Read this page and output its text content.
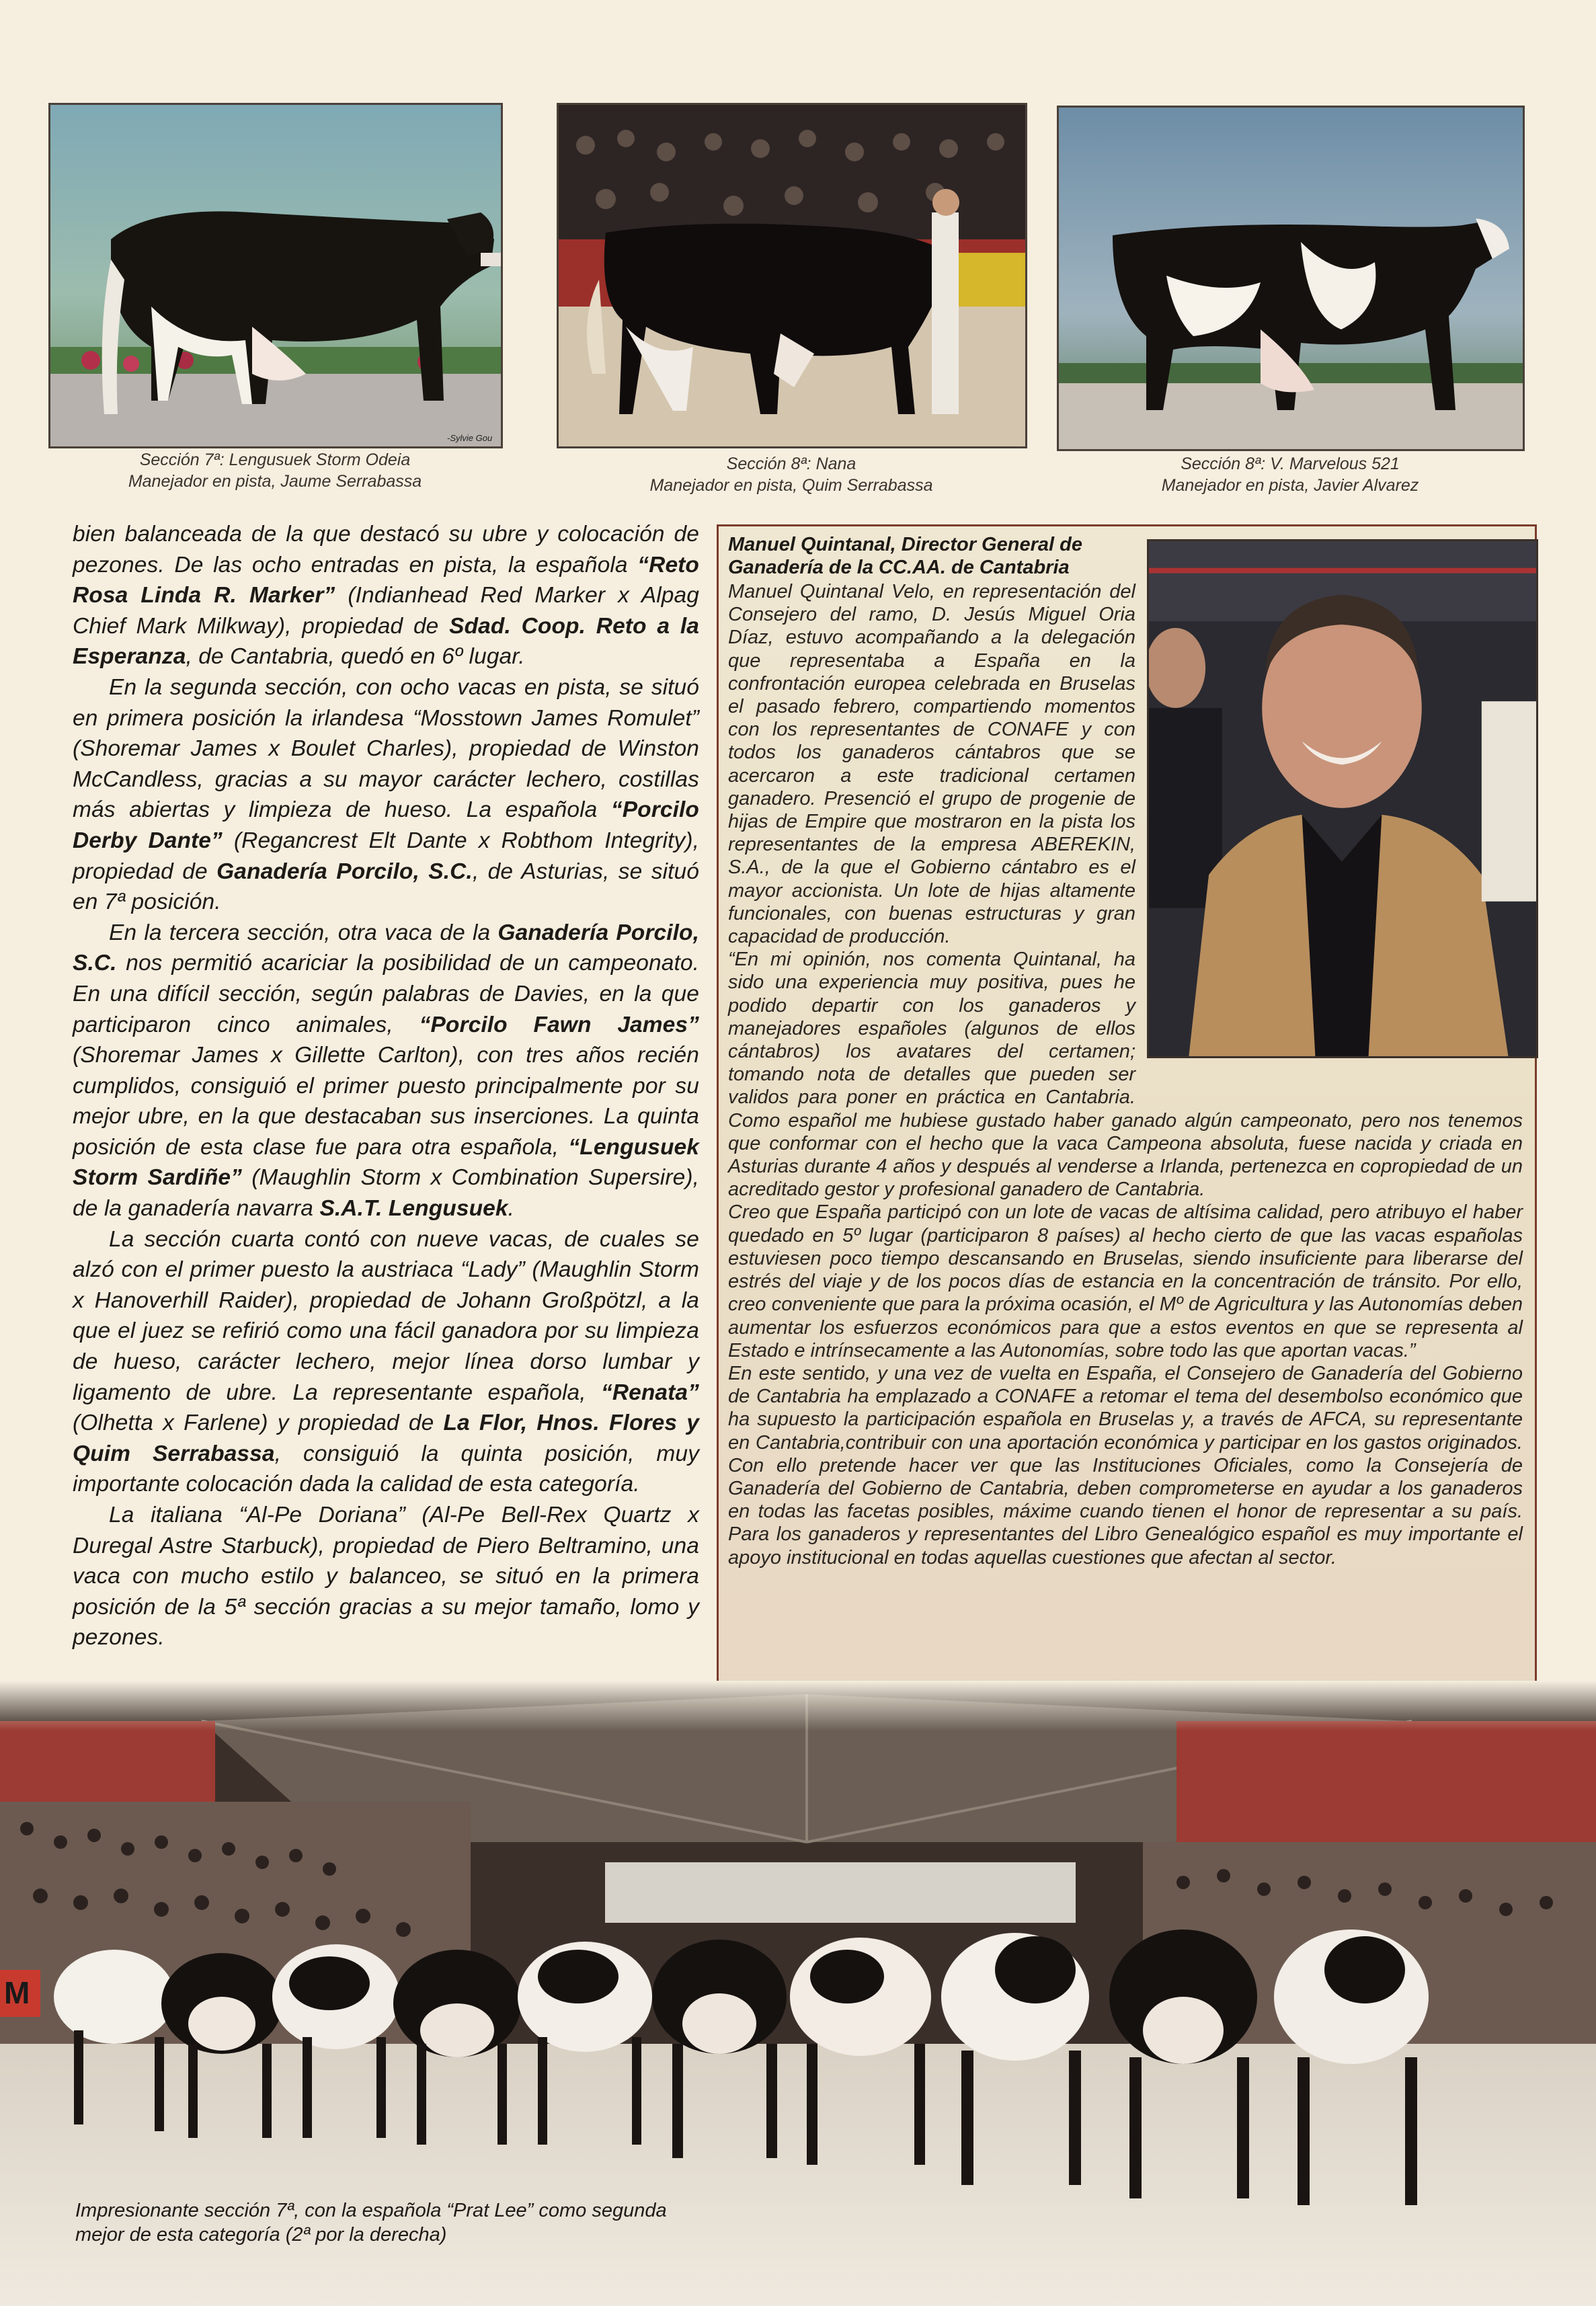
-Sylvie Gou
Sección 7ª: Lengusuek Storm Odeia
Manejador en pista, Jaume Serrabassa
Sección 8ª: Nana
Manejador en pista, Quim Serrabassa
Sección 8ª: V. Marvelous 521
Manejador en pista, Javier Alvarez

bien balanceada de la que destacó su ubre y colocación de pezones. De las ocho entradas en pista, la española “Reto Rosa Linda R. Marker” (Indianhead Red Marker x Alpag Chief Mark Milkway), propiedad de Sdad. Coop. Reto a la Esperanza, de Cantabria, quedó en 6º lugar.

En la segunda sección, con ocho vacas en pista, se situó en primera posición la irlandesa “Mosstown James Romulet” (Shoremar James x Boulet Charles), propiedad de Winston McCandless, gracias a su mayor carácter lechero, costillas más abiertas y limpieza de hueso. La española “Porcilo Derby Dante” (Regancrest Elt Dante x Robthom Integrity), propiedad de Ganadería Porcilo, S.C., de Asturias, se situó en 7ª posición.

En la tercera sección, otra vaca de la Ganadería Porcilo, S.C. nos permitió acariciar la posibilidad de un campeonato. En una difícil sección, según palabras de Davies, en la que participaron cinco animales, “Porcilo Fawn James” (Shoremar James x Gillette Carlton), con tres años recién cumplidos, consiguió el primer puesto principalmente por su mejor ubre, en la que destacaban sus inserciones. La quinta posición de esta clase fue para otra española, “Lengusuek Storm Sardiñe” (Maughlin Storm x Combination Supersire), de la ganadería navarra S.A.T. Lengusuek.

La sección cuarta contó con nueve vacas, de cuales se alzó con el primer puesto la austriaca “Lady” (Maughlin Storm x Hanoverhill Raider), propiedad de Johann Großpötzl, a la que el juez se refirió como una fácil ganadora por su limpieza de hueso, carácter lechero, mejor línea dorso lumbar y ligamento de ubre. La representante española, “Renata” (Olhetta x Farlene) y propiedad de La Flor, Hnos. Flores y Quim Serrabassa, consiguió la quinta posición, muy importante colocación dada la calidad de esta categoría.

La italiana “Al-Pe Doriana” (Al-Pe Bell-Rex Quartz x Duregal Astre Starbuck), propiedad de Piero Beltramino, una vaca con mucho estilo y balanceo, se situó en la primera posición de la 5ª sección gracias a su mejor tamaño, lomo y pezones.

Manuel Quintanal, Director General de Ganadería de la CC.AA. de Cantabria

Manuel Quintanal Velo, en representación del Consejero del ramo, D. Jesús Miguel Oria Díaz, estuvo acompañando a la delegación que representaba a España en la confrontación europea celebrada en Bruselas el pasado febrero, compartiendo momentos con los representantes de CONAFE y con todos los ganaderos cántabros que se acercaron a este tradicional certamen ganadero. Presenció el grupo de progenie de hijas de Empire que mostraron en la pista los representantes de la empresa ABEREKIN, S.A., de la que el Gobierno cántabro es el mayor accionista. Un lote de hijas altamente funcionales, con buenas estructuras y gran capacidad de producción.

“En mi opinión, nos comenta Quintanal, ha sido una experiencia muy positiva, pues he podido departir con los ganaderos y manejadores españoles (algunos de ellos cántabros) los avatares del certamen; tomando nota de detalles que pueden ser validos para poner en práctica en Cantabria. Como español me hubiese gustado haber ganado algún campeonato, pero nos tenemos que conformar con el hecho que la vaca Campeona absoluta, fuese nacida y criada en Asturias durante 4 años y después al venderse a Irlanda, pertenezca en copropiedad de un acreditado gestor y profesional ganadero de Cantabria.

Creo que España participó con un lote de vacas de altísima calidad, pero atribuyo el haber quedado en 5º lugar (participaron 8 países) al hecho cierto de que las vacas españolas estuviesen poco tiempo descansando en Bruselas, siendo insuficiente para liberarse del estrés del viaje y de los pocos días de estancia en la concentración de tránsito. Por ello, creo conveniente que para la próxima ocasión, el Mº de Agricultura y las Autonomías deben aumentar los esfuerzos económicos para que a estos eventos en que se representa al Estado e intrínsecamente a las Autonomías, sobre todo las que aportan vacas.”

En este sentido, y una vez de vuelta en España, el Consejero de Ganadería del Gobierno de Cantabria ha emplazado a CONAFE a retomar el tema del desembolso económico que ha supuesto la participación española en Bruselas y, a través de AFCA, su representante en Cantabria,contribuir con una aportación económica y participar en los gastos originados. Con ello pretende hacer ver que las Instituciones Oficiales, como la Consejería de Ganadería del Gobierno de Cantabria, deben comprometerse en ayudar a los ganaderos en todas las facetas posibles, máxime cuando tienen el honor de representar a su país. Para los ganaderos y representantes del Libro Genealógico español es muy importante el apoyo institucional en todas aquellas cuestiones que afectan al sector.

Impresionante sección 7ª, con la española “Prat Lee” como segunda
mejor de esta categoría (2ª por la derecha)
